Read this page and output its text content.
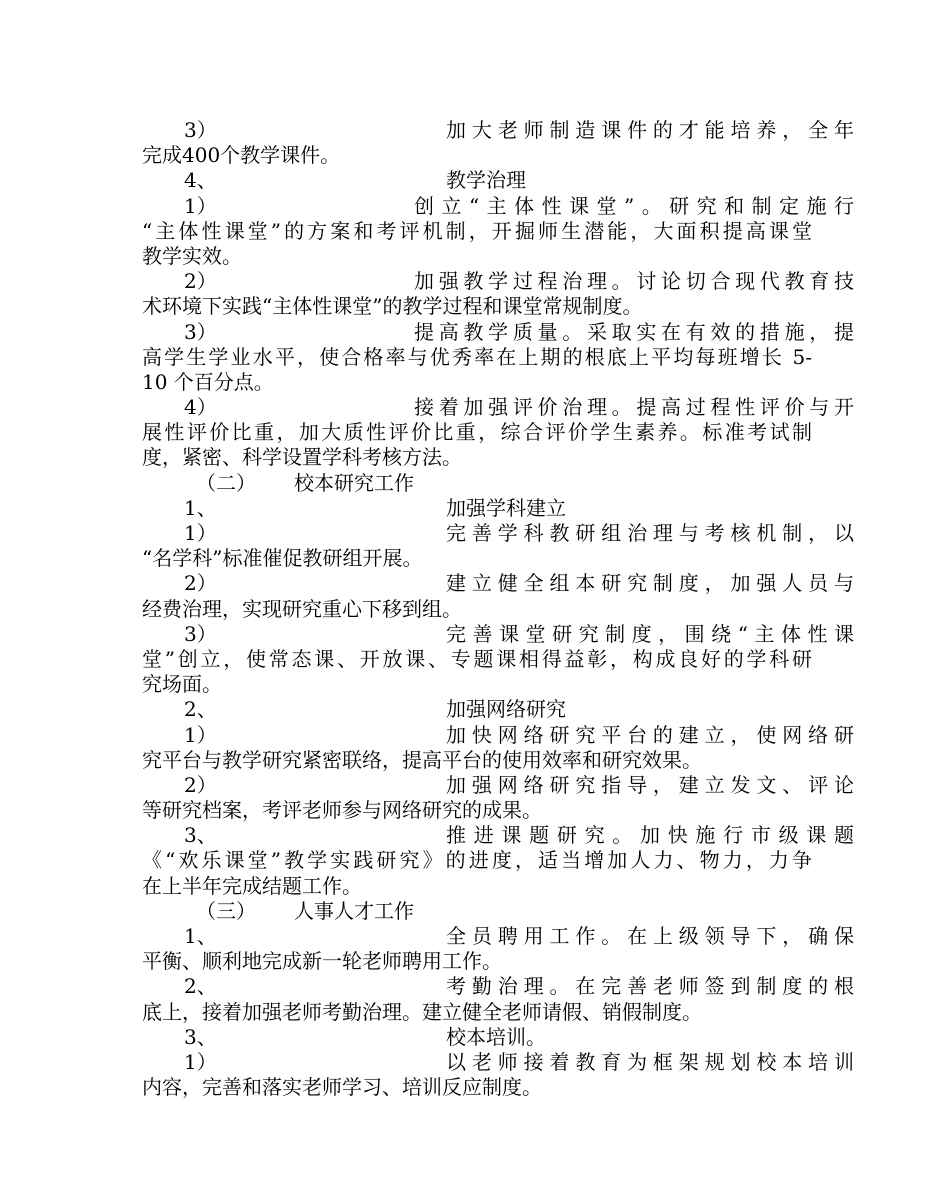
3）	加大老师制造课件的才能培养，全年
完成400个教学课件。
4、	教学治理
1）	创立“主体性课堂”。研究和制定施行
“主体性课堂”的方案和考评机制，开掘师生潜能，大面积提高课堂
教学实效。
2）	加强教学过程治理。讨论切合现代教育技
术环境下实践“主体性课堂”的教学过程和课堂常规制度。
3）	提高教学质量。采取实在有效的措施，提
高学生学业水平，使合格率与优秀率在上期的根底上平均每班增长 5-
10 个百分点。
4）	接着加强评价治理。提高过程性评价与开
展性评价比重，加大质性评价比重，综合评价学生素养。标准考试制
度，紧密、科学设置学科考核方法。
（二）	校本研究工作
1、	加强学科建立
1）	完善学科教研组治理与考核机制，以
“名学科”标准催促教研组开展。
2）	建立健全组本研究制度，加强人员与
经费治理，实现研究重心下移到组。
3）	完善课堂研究制度，围绕“主体性课
堂”创立，使常态课、开放课、专题课相得益彰，构成良好的学科研
究场面。
2、	加强网络研究
1）	加快网络研究平台的建立，使网络研
究平台与教学研究紧密联络，提高平台的使用效率和研究效果。
2）	加强网络研究指导，建立发文、评论
等研究档案，考评老师参与网络研究的成果。
3、	推进课题研究。加快施行市级课题
《“欢乐课堂”教学实践研究》的进度，适当增加人力、物力，力争
在上半年完成结题工作。
（三）	人事人才工作
1、	全员聘用工作。在上级领导下，确保
平衡、顺利地完成新一轮老师聘用工作。
2、	考勤治理。在完善老师签到制度的根
底上，接着加强老师考勤治理。建立健全老师请假、销假制度。
3、	校本培训。
1）	以老师接着教育为框架规划校本培训
内容，完善和落实老师学习、培训反应制度。
